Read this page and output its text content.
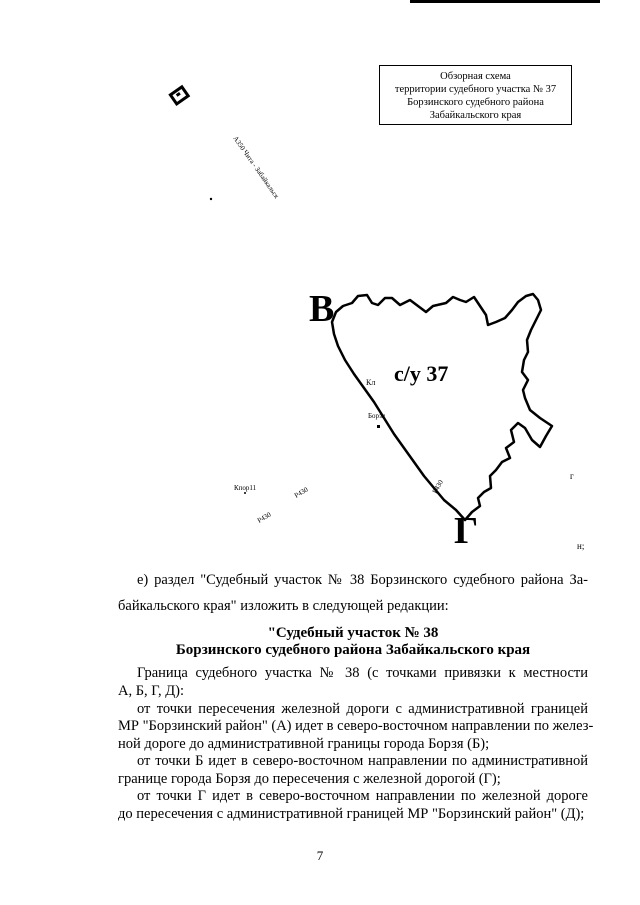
Обзорная схема
территории судебного участка № 37
Борзинского судебного района
Забайкальского края
Р430
А350 Чита - Забайкальск
Р430
Р430
В
Г
с/у 37
Борзя
Кпор11
Кл
г
н;
е) раздел "Судебный участок № 38 Борзинского судебного района За-
байкальского края" изложить в следующей редакции:
"Судебный участок № 38
Борзинского судебного района Забайкальского края
Граница судебного участка № 38 (с точками привязки к местности
А, Б, Г, Д):
от точки пересечения железной дороги с административной границей
МР "Борзинский район" (А) идет в северо-восточном направлении по желез-
ной дороге до административной границы города Борзя (Б);
от точки Б идет в северо-восточном направлении по административной
границе города Борзя до пересечения с железной дорогой (Г);
от точки Г идет в северо-восточном направлении по железной дороге
до пересечения с административной границей МР "Борзинский район" (Д);
7
